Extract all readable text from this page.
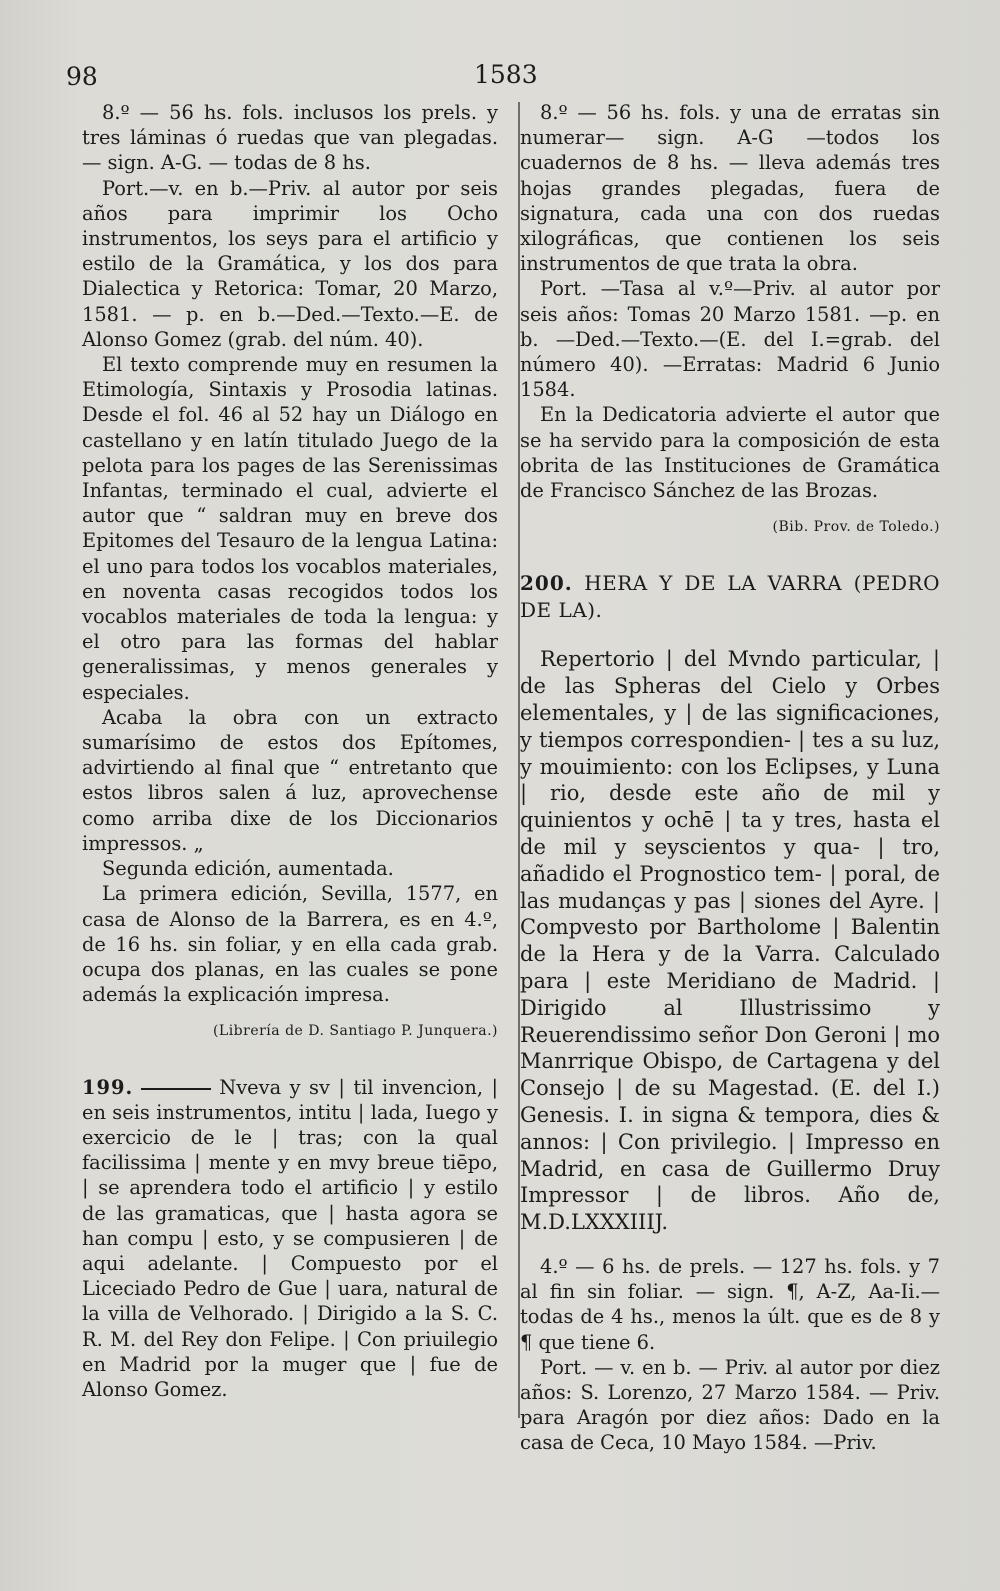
98	1583

8.º — 56 hs. fols. inclusos los prels. y tres láminas ó ruedas que van plegadas. — sign. A-G. — todas de 8 hs.

Port.—v. en b.—Priv. al autor por seis años para imprimir los Ocho instrumentos, los seys para el artificio y estilo de la Gramática, y los dos para Dialectica y Retorica: Tomar, 20 Marzo, 1581. — p. en b.—Ded.—Texto.—E. de Alonso Gomez (grab. del núm. 40).

El texto comprende muy en resumen la Etimología, Sintaxis y Prosodia latinas. Desde el fol. 46 al 52 hay un Diálogo en castellano y en latín titulado Juego de la pelota para los pages de las Serenissimas Infantas, terminado el cual, advierte el autor que “ saldran muy en breve dos Epitomes del Tesauro de la lengua Latina: el uno para todos los vocablos materiales, en noventa casas recogidos todos los vocablos materiales de toda la lengua: y el otro para las formas del hablar generalissimas, y menos generales y especiales.

Acaba la obra con un extracto sumarísimo de estos dos Epítomes, advirtiendo al final que “ entretanto que estos libros salen á luz, aprovechense como arriba dixe de los Diccionarios impressos. „

Segunda edición, aumentada.

La primera edición, Sevilla, 1577, en casa de Alonso de la Barrera, es en 4.º, de 16 hs. sin foliar, y en ella cada grab. ocupa dos planas, en las cuales se pone además la explicación impresa.

(Librería de D. Santiago P. Junquera.)

199.	Nveva y sv | til invencion, | en seis instrumentos, intitu | lada, Iuego y exercicio de le | tras; con la qual facilissima | mente y en mvy breue tiēpo, | se aprendera todo el artificio | y estilo de las gramaticas, que | hasta agora se han compu | esto, y se compusieren | de aqui adelante. | Compuesto por el Liceciado Pedro de Gue | uara, natural de la villa de Velhorado. | Dirigido a la S. C. R. M. del Rey don Felipe. | Con priuilegio en Madrid por la muger que | fue de Alonso Gomez.

8.º — 56 hs. fols. y una de erratas sin numerar— sign. A-G —todos los cuadernos de 8 hs. — lleva además tres hojas grandes plegadas, fuera de signatura, cada una con dos ruedas xilográficas, que contienen los seis instrumentos de que trata la obra.

Port. —Tasa al v.º—Priv. al autor por seis años: Tomas 20 Marzo 1581. —p. en b. —Ded.—Texto.—(E. del I.=grab. del número 40). —Erratas: Madrid 6 Junio 1584.

En la Dedicatoria advierte el autor que se ha servido para la composición de esta obrita de las Instituciones de Gramática de Francisco Sánchez de las Brozas.

(Bib. Prov. de Toledo.)

200. HERA Y DE LA VARRA (PEDRO DE LA).

Repertorio | del Mvndo particular, | de las Spheras del Cielo y Orbes elementales, y | de las significaciones, y tiempos correspondien- | tes a su luz, y mouimiento: con los Eclipses, y Luna | rio, desde este año de mil y quinientos y ochē | ta y tres, hasta el de mil y seyscientos y qua- | tro, añadido el Prognostico tem- | poral, de las mudanças y pas | siones del Ayre. | Compvesto por Bartholome | Balentin de la Hera y de la Varra. Calculado para | este Meridiano de Madrid. | Dirigido al Illustrissimo y Reuerendissimo señor Don Geroni | mo Manrrique Obispo, de Cartagena y del Consejo | de su Magestad. (E. del I.) Genesis. I. in signa & tempora, dies & annos: | Con privilegio. | Impresso en Madrid, en casa de Guillermo Druy Impressor | de libros. Año de, M.D.LXXXIIIJ.

4.º — 6 hs. de prels. — 127 hs. fols. y 7 al fin sin foliar. — sign. ¶, A-Z, Aa-Ii.— todas de 4 hs., menos la últ. que es de 8 y ¶ que tiene 6.

Port. — v. en b. — Priv. al autor por diez años: S. Lorenzo, 27 Marzo 1584. — Priv. para Aragón por diez años: Dado en la casa de Ceca, 10 Mayo 1584. —Priv.
